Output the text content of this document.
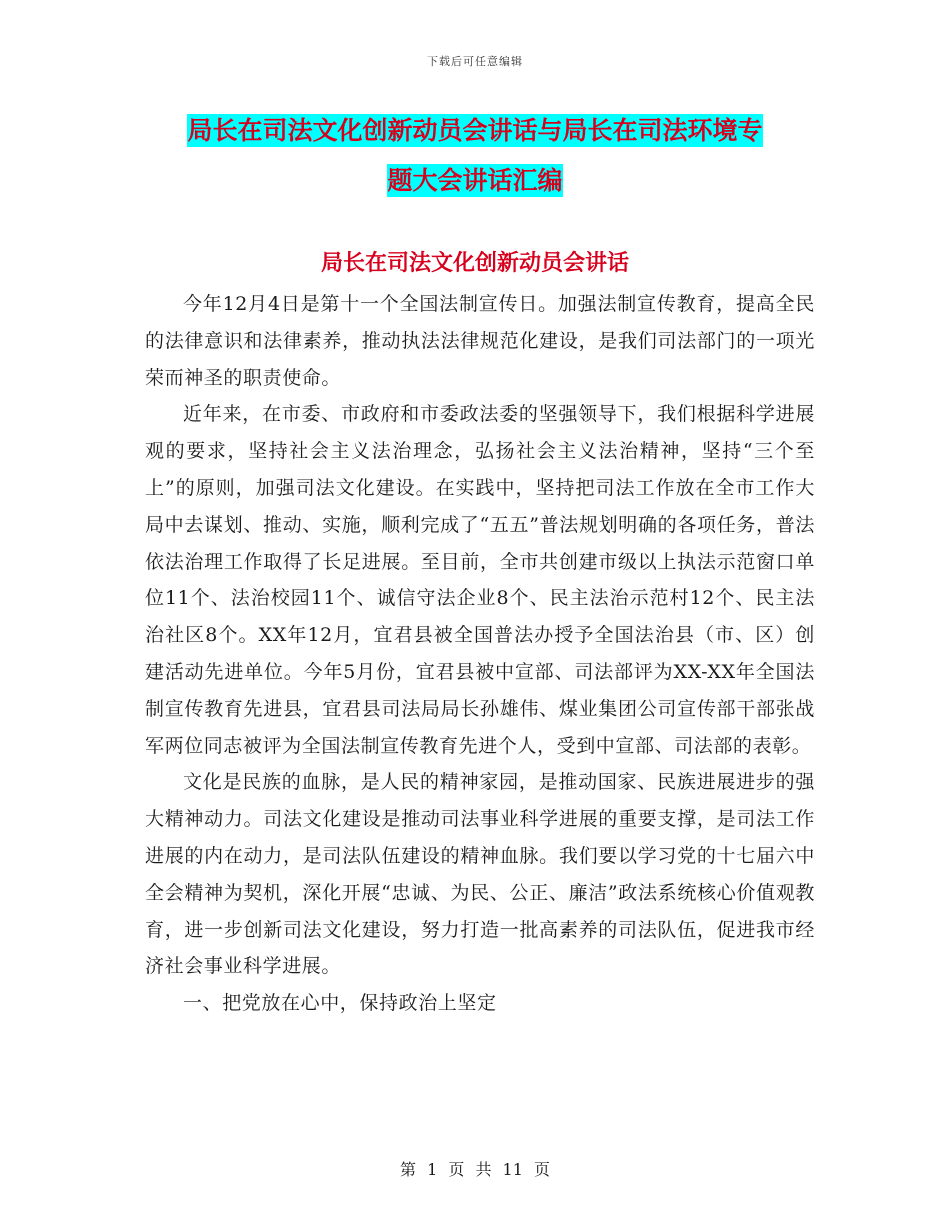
下载后可任意编辑
局长在司法文化创新动员会讲话与局长在司法环境专
题大会讲话汇编
局长在司法文化创新动员会讲话

今年12月4日是第十一个全国法制宣传日。加强法制宣传教育，提高全民的法律意识和法律素养，推动执法法律规范化建设，是我们司法部门的一项光荣而神圣的职责使命。

近年来，在市委、市政府和市委政法委的坚强领导下，我们根据科学进展观的要求，坚持社会主义法治理念，弘扬社会主义法治精神，坚持“三个至上”的原则，加强司法文化建设。在实践中，坚持把司法工作放在全市工作大局中去谋划、推动、实施，顺利完成了“五五”普法规划明确的各项任务，普法依法治理工作取得了长足进展。至目前，全市共创建市级以上执法示范窗口单位11个、法治校园11个、诚信守法企业8个、民主法治示范村12个、民主法治社区8个。XX年12月，宜君县被全国普法办授予全国法治县（市、区）创建活动先进单位。今年5月份，宜君县被中宣部、司法部评为XX-XX年全国法制宣传教育先进县，宜君县司法局局长孙雄伟、煤业集团公司宣传部干部张战军两位同志被评为全国法制宣传教育先进个人，受到中宣部、司法部的表彰。

文化是民族的血脉，是人民的精神家园，是推动国家、民族进展进步的强大精神动力。司法文化建设是推动司法事业科学进展的重要支撑，是司法工作进展的内在动力，是司法队伍建设的精神血脉。我们要以学习党的十七届六中全会精神为契机，深化开展“忠诚、为民、公正、廉洁”政法系统核心价值观教育，进一步创新司法文化建设，努力打造一批高素养的司法队伍，促进我市经济社会事业科学进展。

一、把党放在心中，保持政治上坚定

第 1 页 共 11 页
